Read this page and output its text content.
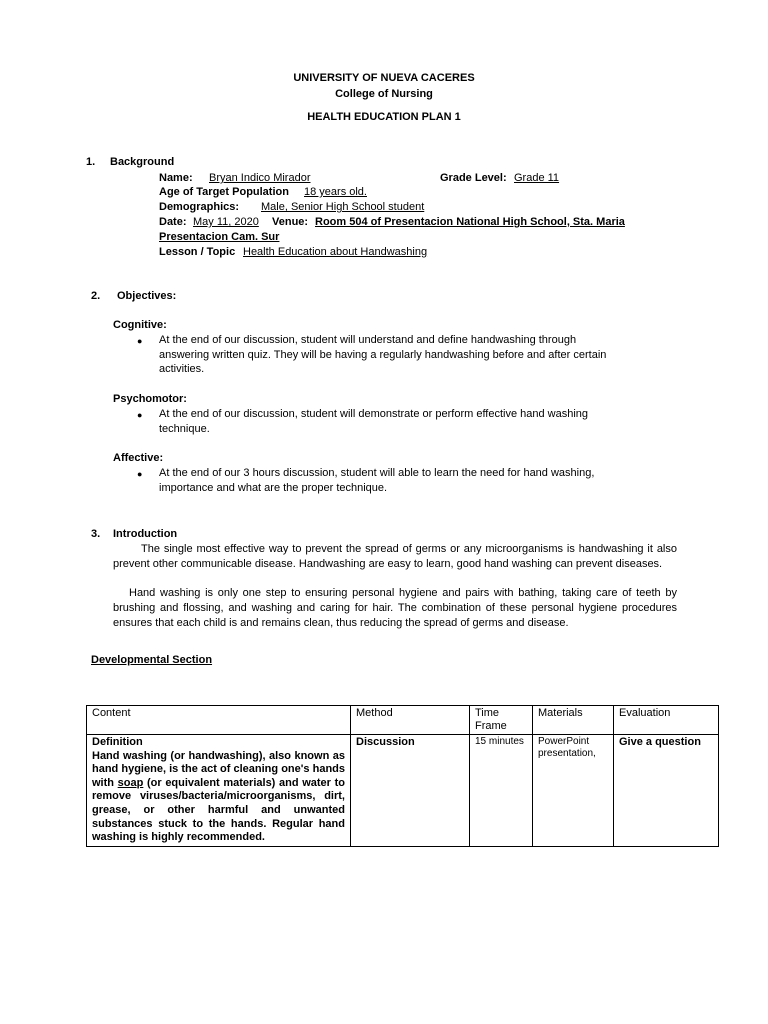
UNIVERSITY OF NUEVA CACERES
College of Nursing
HEALTH EDUCATION PLAN 1
1. Background
Name: Bryan Indico Mirador	Grade Level: Grade 11
Age of Target Population 18 years old.
Demographics: Male, Senior High School student
Date: May 11, 2020 Venue: Room 504 of Presentacion National High School, Sta. Maria
Presentacion Cam. Sur
Lesson / Topic Health Education about Handwashing
2. Objectives:
Cognitive:
● At the end of our discussion, student will understand and define handwashing through
answering written quiz. They will be having a regularly handwashing before and after certain
activities.
Psychomotor:
● At the end of our discussion, student will demonstrate or perform effective hand washing
technique.
Affective:
● At the end of our 3 hours discussion, student will able to learn the need for hand washing,
importance and what are the proper technique.
3. Introduction
The single most effective way to prevent the spread of germs or any microorganisms is handwashing it also prevent other communicable disease. Handwashing are easy to learn, good hand washing can prevent diseases.
Hand washing is only one step to ensuring personal hygiene and pairs with bathing, taking care of teeth by brushing and flossing, and washing and caring for hair. The combination of these personal hygiene procedures ensures that each child is and remains clean, thus reducing the spread of germs and disease.
Developmental Section
Content	Method	Time Frame	Materials	Evaluation

Definition
Hand washing (or handwashing), also known as hand hygiene, is the act of cleaning one's hands with soap (or equivalent materials) and water to remove viruses/bacteria/microorganisms, dirt, grease, or other harmful and unwanted substances stuck to the hands. Regular hand washing is highly recommended.	Discussion	15 minutes	PowerPoint presentation,	Give a question
